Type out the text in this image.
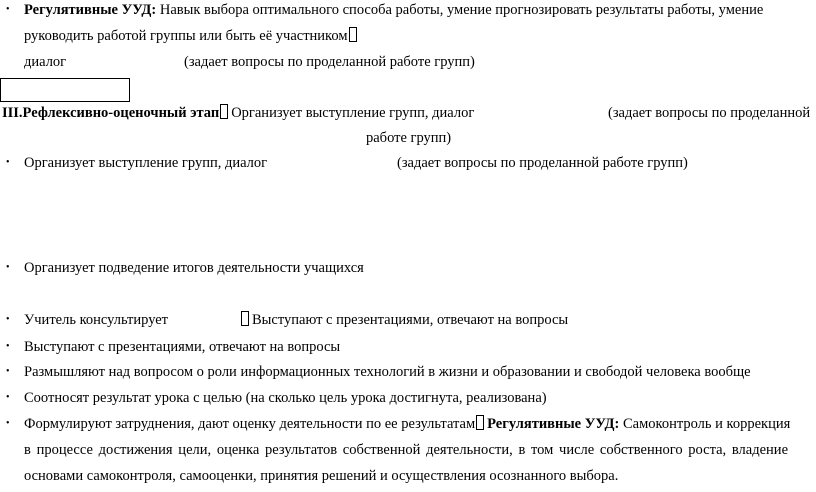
• Регулятивные УУД: Навык выбора оптимального способа работы, умение прогнозировать результаты работы, умение
руководить работой группы или быть её участником
диалог	(задает вопросы по проделанной работе групп)
III.Рефлексивно-оценочный этап Организует выступление групп, диалог	(задает вопросы по проделанной
работе групп)
• Организует выступление групп, диалог	(задает вопросы по проделанной работе групп)
• Организует подведение итогов деятельности учащихся
• Учитель консультирует	Выступают с презентациями, отвечают на вопросы
• Выступают с презентациями, отвечают на вопросы
• Размышляют над вопросом о роли информационных технологий в жизни и образовании и свободой человека вообще
• Соотносят результат урока с целью (на сколько цель урока достигнута, реализована)
• Формулируют затруднения, дают оценку деятельности по ее результатам Регулятивные УУД: Самоконтроль и коррекция
в процессе достижения цели, оценка результатов собственной деятельности, в том числе собственного роста, владение
основами самоконтроля, самооценки, принятия решений и осуществления осознанного выбора.
